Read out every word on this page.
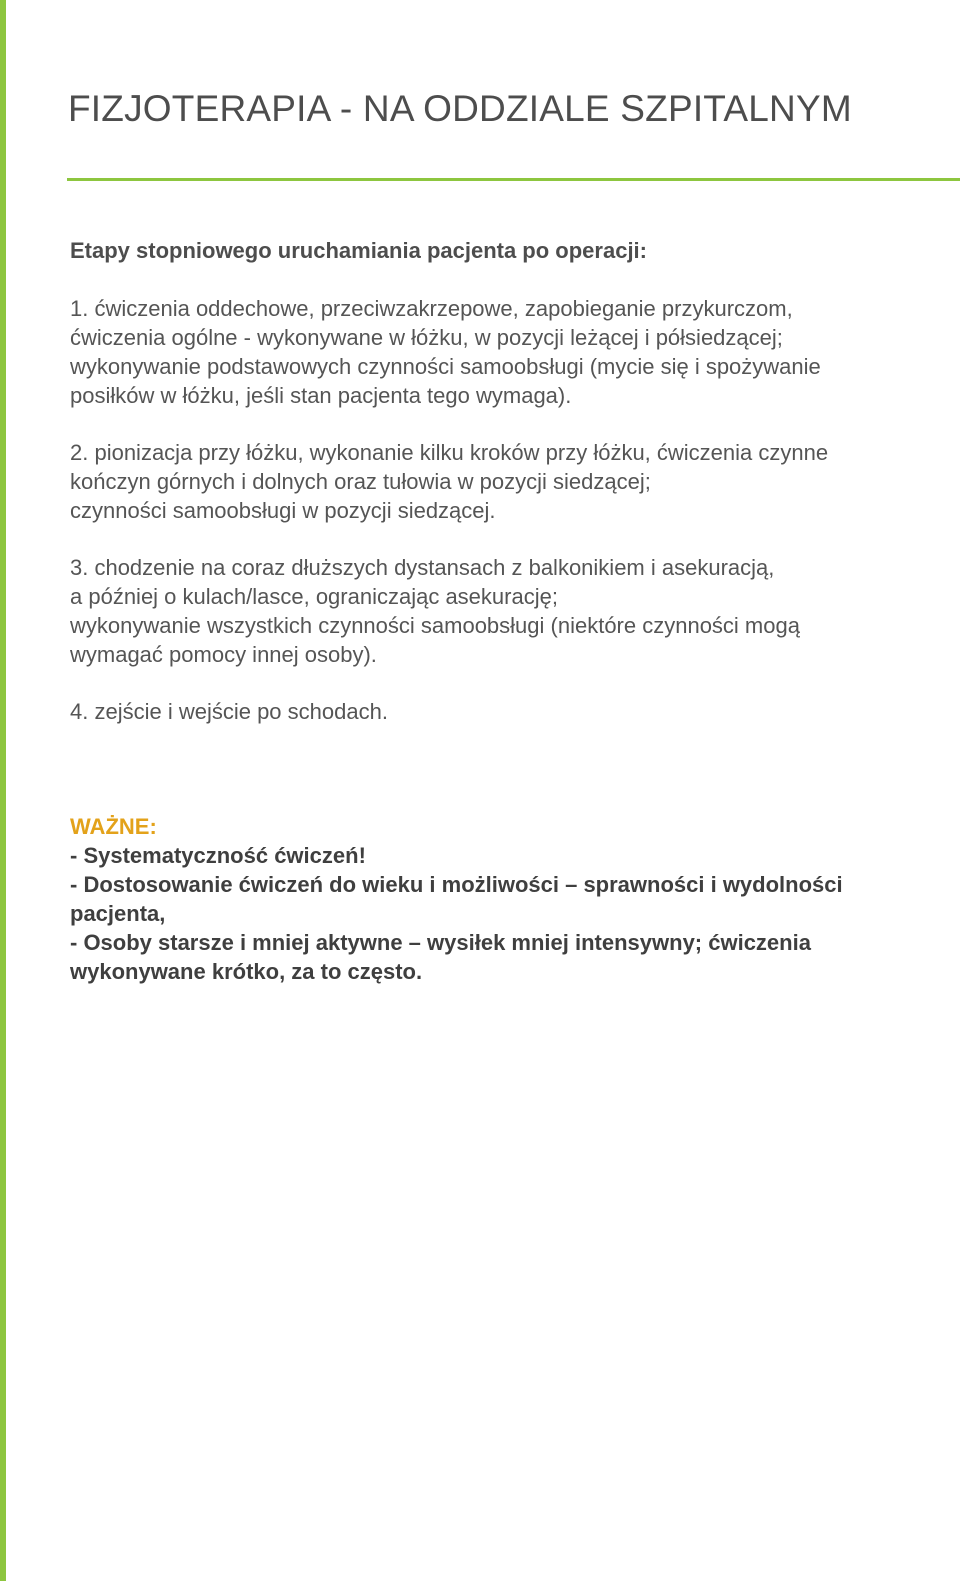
FIZJOTERAPIA - NA ODDZIALE SZPITALNYM

Etapy stopniowego uruchamiania pacjenta po operacji:

1. ćwiczenia oddechowe, przeciwzakrzepowe, zapobieganie przykurczom,
ćwiczenia ogólne - wykonywane w łóżku, w pozycji leżącej i półsiedzącej;
wykonywanie podstawowych czynności samoobsługi (mycie się i spożywanie
posiłków w łóżku, jeśli stan pacjenta tego wymaga).
2. pionizacja przy łóżku, wykonanie kilku kroków przy łóżku, ćwiczenia czynne
kończyn górnych i dolnych oraz tułowia w pozycji siedzącej;
czynności samoobsługi w pozycji siedzącej.
3. chodzenie na coraz dłuższych dystansach z balkonikiem i asekuracją,
a później o kulach/lasce, ograniczając asekurację;
wykonywanie wszystkich czynności samoobsługi (niektóre czynności mogą
wymagać pomocy innej osoby).
4. zejście i wejście po schodach.
WAŻNE:
- Systematyczność ćwiczeń!
- Dostosowanie ćwiczeń do wieku i możliwości – sprawności i wydolności
pacjenta,
- Osoby starsze i mniej aktywne – wysiłek mniej intensywny; ćwiczenia
wykonywane krótko, za to często.
